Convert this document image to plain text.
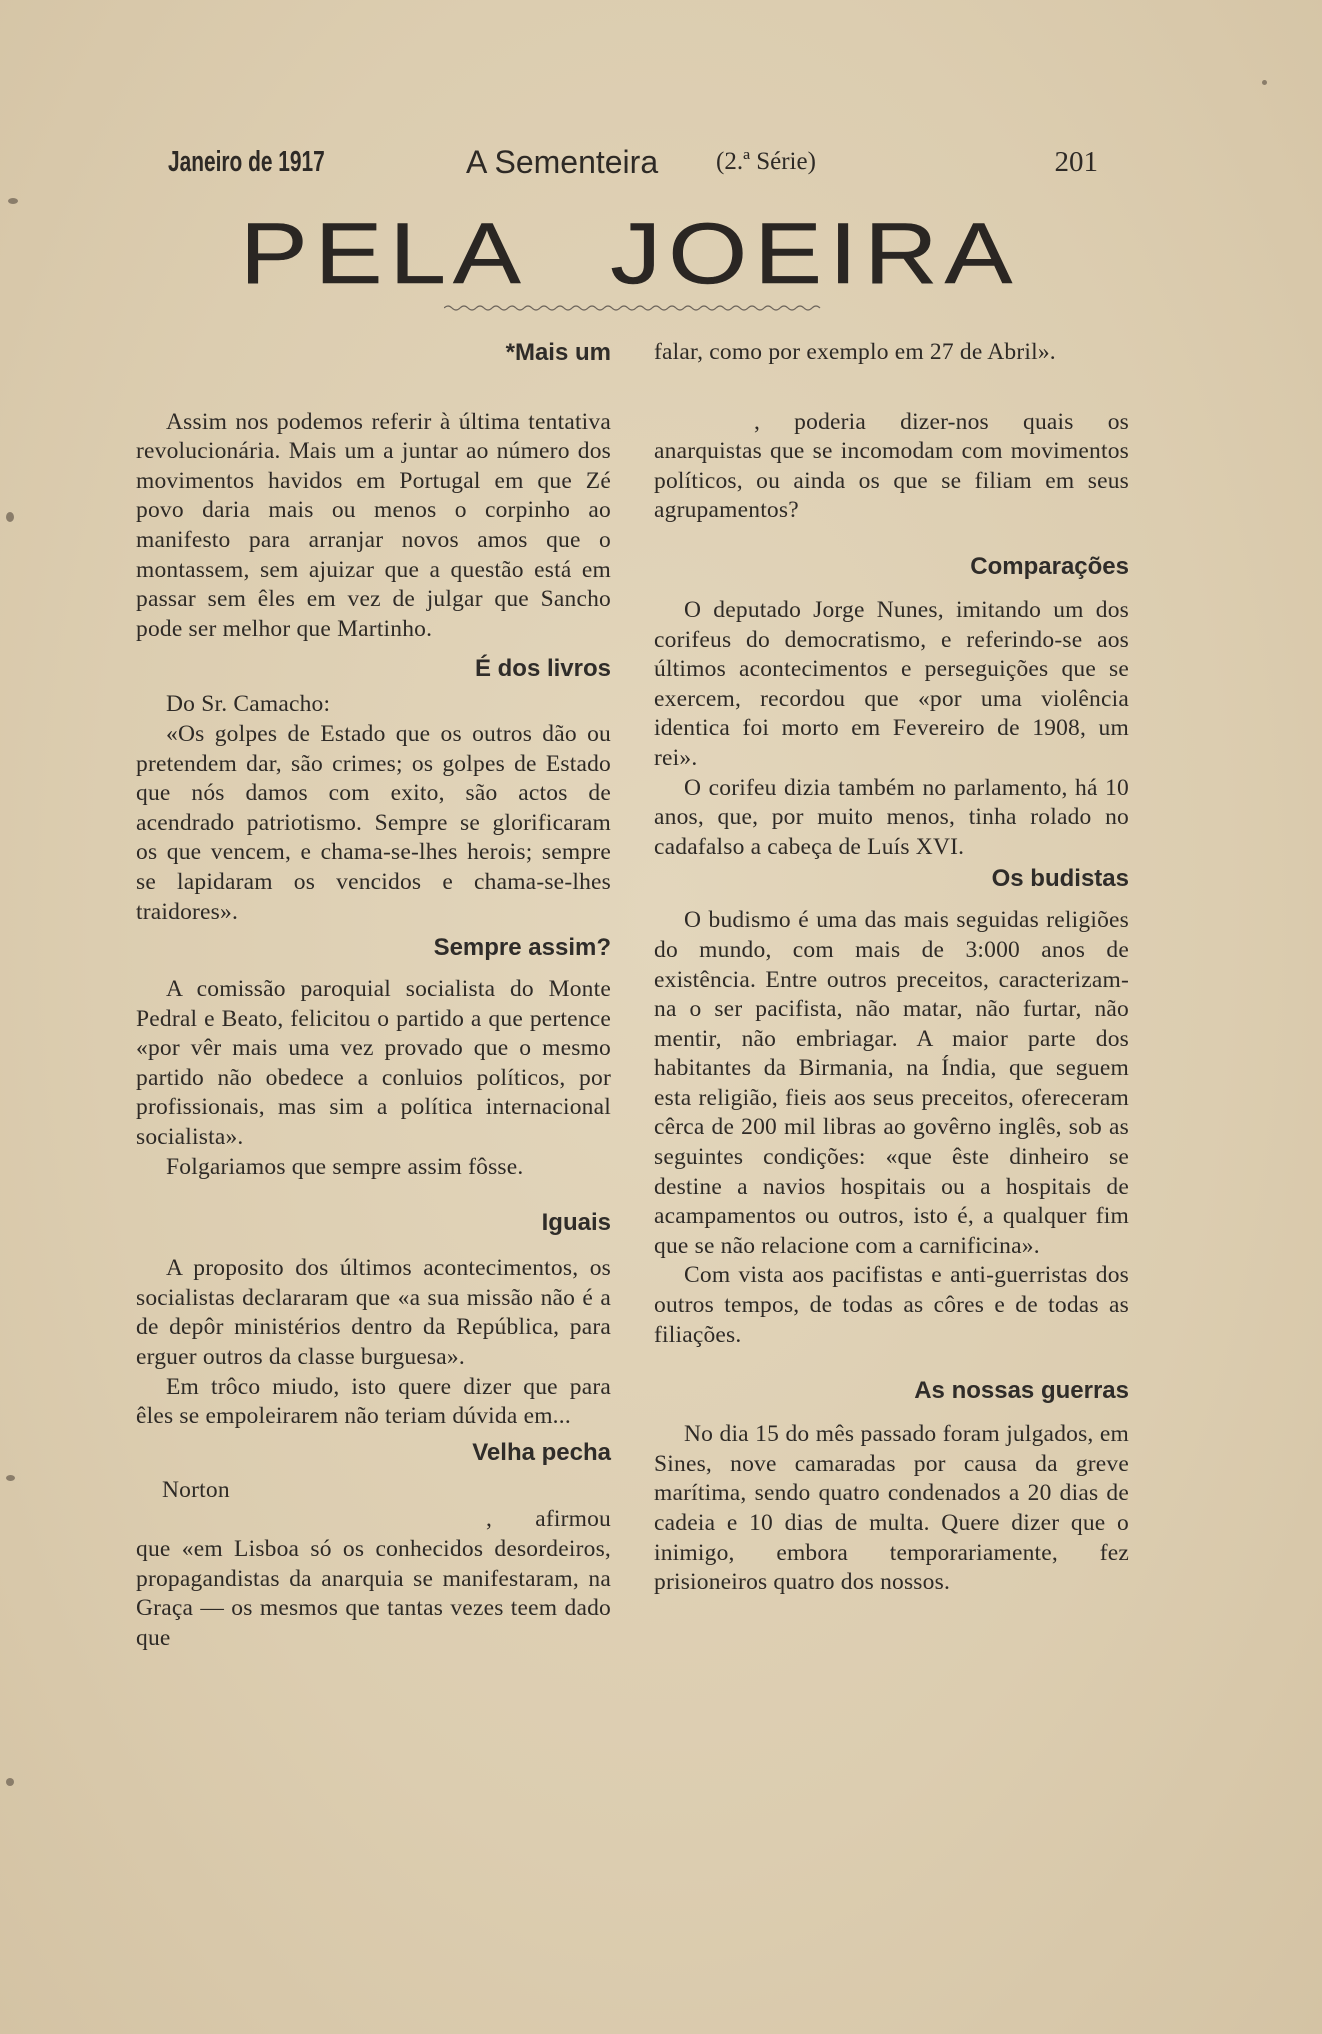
Janeiro de 1917	A Sementeira (2.ª Série)	201
PELA JOEIRA
*Mais um

Assim nos podemos referir à última tentativa revolucionária. Mais um a juntar ao número dos movimentos havidos em Portugal em que Zé povo daria mais ou menos o corpinho ao manifesto para arranjar novos amos que o montassem, sem ajuizar que a questão está em passar sem êles em vez de julgar que Sancho pode ser melhor que Martinho.

É dos livros

Do Sr. Camacho:

«Os golpes de Estado que os outros dão ou pretendem dar, são crimes; os golpes de Estado que nós damos com exito, são actos de acendrado patriotismo. Sempre se glorificaram os que vencem, e chama-se-lhes herois; sempre se lapidaram os vencidos e chama-se-lhes traidores».

Sempre assim?

A comissão paroquial socialista do Monte Pedral e Beato, felicitou o partido a que pertence «por vêr mais uma vez provado que o mesmo partido não obedece a conluios políticos, por profissionais, mas sim a política internacional socialista».

Folgariamos que sempre assim fôsse.

Iguais

A proposito dos últimos acontecimentos, os socialistas declararam que «a sua missão não é a de depôr ministérios dentro da República, para erguer outros da classe burguesa».

Em trôco miudo, isto quere dizer que para êles se empoleirarem não teriam dúvida em...

Velha pecha

Norton

, afirmou que «em Lisboa só os conhecidos desordeiros, propagandistas da anarquia se manifestaram, na Graça — os mesmos que tantas vezes teem dado que

falar, como por exemplo em 27 de Abril».

, poderia dizer-nos quais os anarquistas que se incomodam com movimentos políticos, ou ainda os que se filiam em seus agrupamentos?

Comparações

O deputado Jorge Nunes, imitando um dos corifeus do democratismo, e referindo-se aos últimos acontecimentos e perseguições que se exercem, recordou que «por uma violência identica foi morto em Fevereiro de 1908, um rei».

O corifeu dizia também no parlamento, há 10 anos, que, por muito menos, tinha rolado no cadafalso a cabeça de Luís XVI.

Os budistas

O budismo é uma das mais seguidas religiões do mundo, com mais de 3:000 anos de existência. Entre outros preceitos, caracterizam-na o ser pacifista, não matar, não furtar, não mentir, não embriagar. A maior parte dos habitantes da Birmania, na Índia, que seguem esta religião, fieis aos seus preceitos, ofereceram cêrca de 200 mil libras ao govêrno inglês, sob as seguintes condições: «que êste dinheiro se destine a navios hospitais ou a hospitais de acampamentos ou outros, isto é, a qualquer fim que se não relacione com a carnificina».

Com vista aos pacifistas e anti-guerristas dos outros tempos, de todas as côres e de todas as filiações.

As nossas guerras

No dia 15 do mês passado foram julgados, em Sines, nove camaradas por causa da greve marítima, sendo quatro condenados a 20 dias de cadeia e 10 dias de multa. Quere dizer que o inimigo, embora temporariamente, fez prisioneiros quatro dos nossos.
